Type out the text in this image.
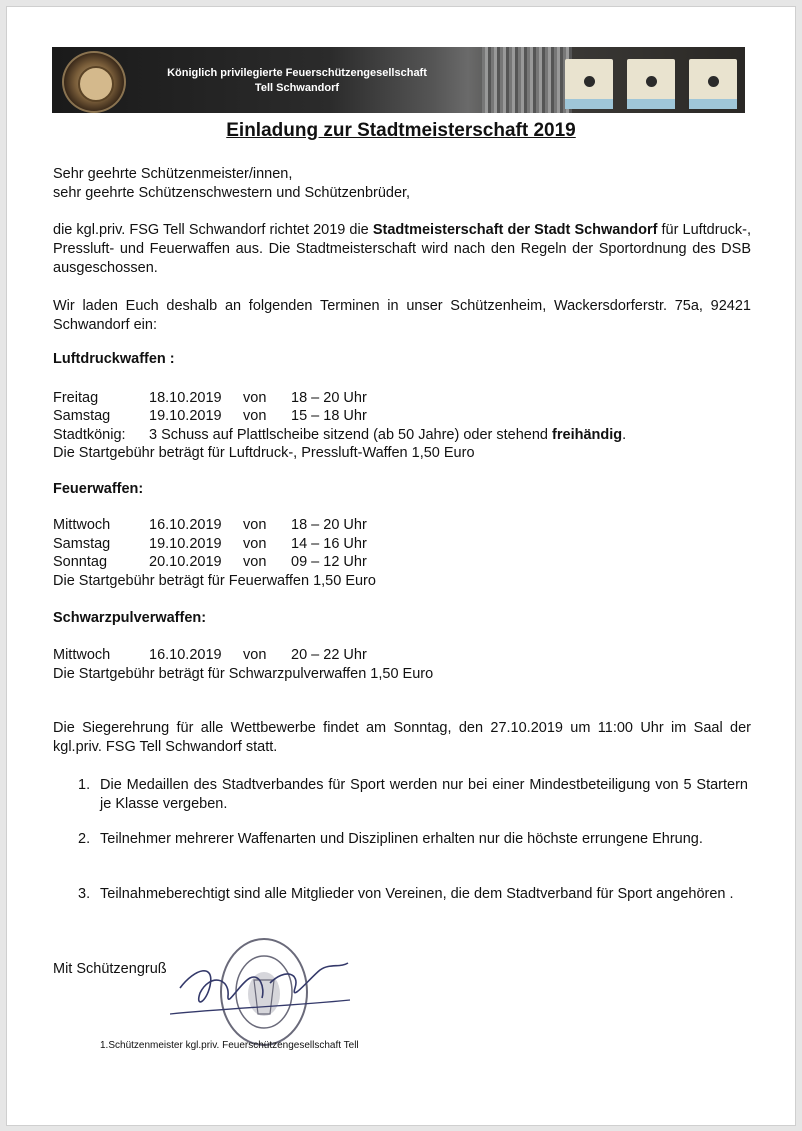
Königlich privilegierte Feuerschützengesellschaft
Tell Schwandorf
Einladung zur Stadtmeisterschaft 2019
Sehr geehrte Schützenmeister/innen,
sehr geehrte Schützenschwestern und Schützenbrüder,
die kgl.priv. FSG Tell Schwandorf richtet 2019 die Stadtmeisterschaft der Stadt Schwandorf für Luftdruck-, Pressluft- und Feuerwaffen aus. Die Stadtmeisterschaft wird nach den Regeln der Sportordnung des DSB ausgeschossen.
Wir laden Euch deshalb an folgenden Terminen in unser Schützenheim, Wackersdorferstr. 75a, 92421 Schwandorf ein:
Luftdruckwaffen :
Freitag	18.10.2019 von 18 – 20 Uhr
Samstag	19.10.2019 von 15 – 18 Uhr
Stadtkönig: 3 Schuss auf Plattlscheibe sitzend (ab 50 Jahre) oder stehend freihändig.
Die Startgebühr beträgt für Luftdruck-, Pressluft-Waffen 1,50 Euro
Feuerwaffen:
Mittwoch	16.10.2019 von 18 – 20 Uhr
Samstag	19.10.2019 von 14 – 16 Uhr
Sonntag	20.10.2019 von 09 – 12 Uhr
Die Startgebühr beträgt für Feuerwaffen 1,50 Euro
Schwarzpulverwaffen:
Mittwoch	16.10.2019 von 20 – 22 Uhr
Die Startgebühr beträgt für Schwarzpulverwaffen 1,50 Euro
Die Siegerehrung für alle Wettbewerbe findet am Sonntag, den 27.10.2019 um 11:00 Uhr im Saal der kgl.priv. FSG Tell Schwandorf statt.
1. Die Medaillen des Stadtverbandes für Sport werden nur bei einer Mindestbeteiligung von 5 Startern je Klasse vergeben.
2. Teilnehmer mehrerer Waffenarten und Disziplinen erhalten nur die höchste errungene Ehrung.
3. Teilnahmeberechtigt sind alle Mitglieder von Vereinen, die dem Stadtverband für Sport angehören .
Mit Schützengruß
1.Schützenmeister kgl.priv. Feuerschützengesellschaft Tell
